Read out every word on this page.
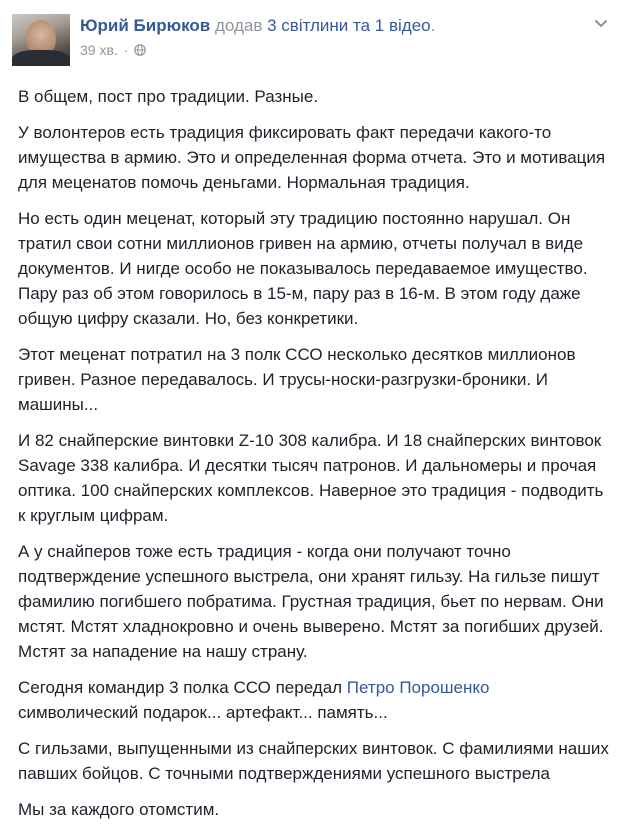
Юрий Бирюков додав 3 світлини та 1 відео.
39 хв. ·

В общем, пост про традиции. Разные.

У волонтеров есть традиция фиксировать факт передачи какого-то имущества в армию. Это и определенная форма отчета. Это и мотивация для меценатов помочь деньгами. Нормальная традиция.

Но есть один меценат, который эту традицию постоянно нарушал. Он тратил свои сотни миллионов гривен на армию, отчеты получал в виде документов. И нигде особо не показывалось передаваемое имущество. Пару раз об этом говорилось в 15-м, пару раз в 16-м. В этом году даже общую цифру сказали. Но, без конкретики.

Этот меценат потратил на 3 полк ССО несколько десятков миллионов гривен. Разное передавалось. И трусы-носки-разгрузки-броники. И машины...

И 82 снайперские винтовки Z-10 308 калибра. И 18 снайперских винтовок Savage 338 калибра. И десятки тысяч патронов. И дальномеры и прочая оптика. 100 снайперских комплексов. Наверное это традиция - подводить к круглым цифрам.

А у снайперов тоже есть традиция - когда они получают точно подтверждение успешного выстрела, они хранят гильзу. На гильзе пишут фамилию погибшего побратима. Грустная традиция, бьет по нервам. Они мстят. Мстят хладнокровно и очень выверено. Мстят за погибших друзей. Мстят за нападение на нашу страну.

Сегодня командир 3 полка ССО передал Петро Порошенко символический подарок... артефакт... память...

С гильзами, выпущенными из снайперских винтовок. С фамилиями наших павших бойцов. С точными подтверждениями успешного выстрела

Мы за каждого отомстим.
